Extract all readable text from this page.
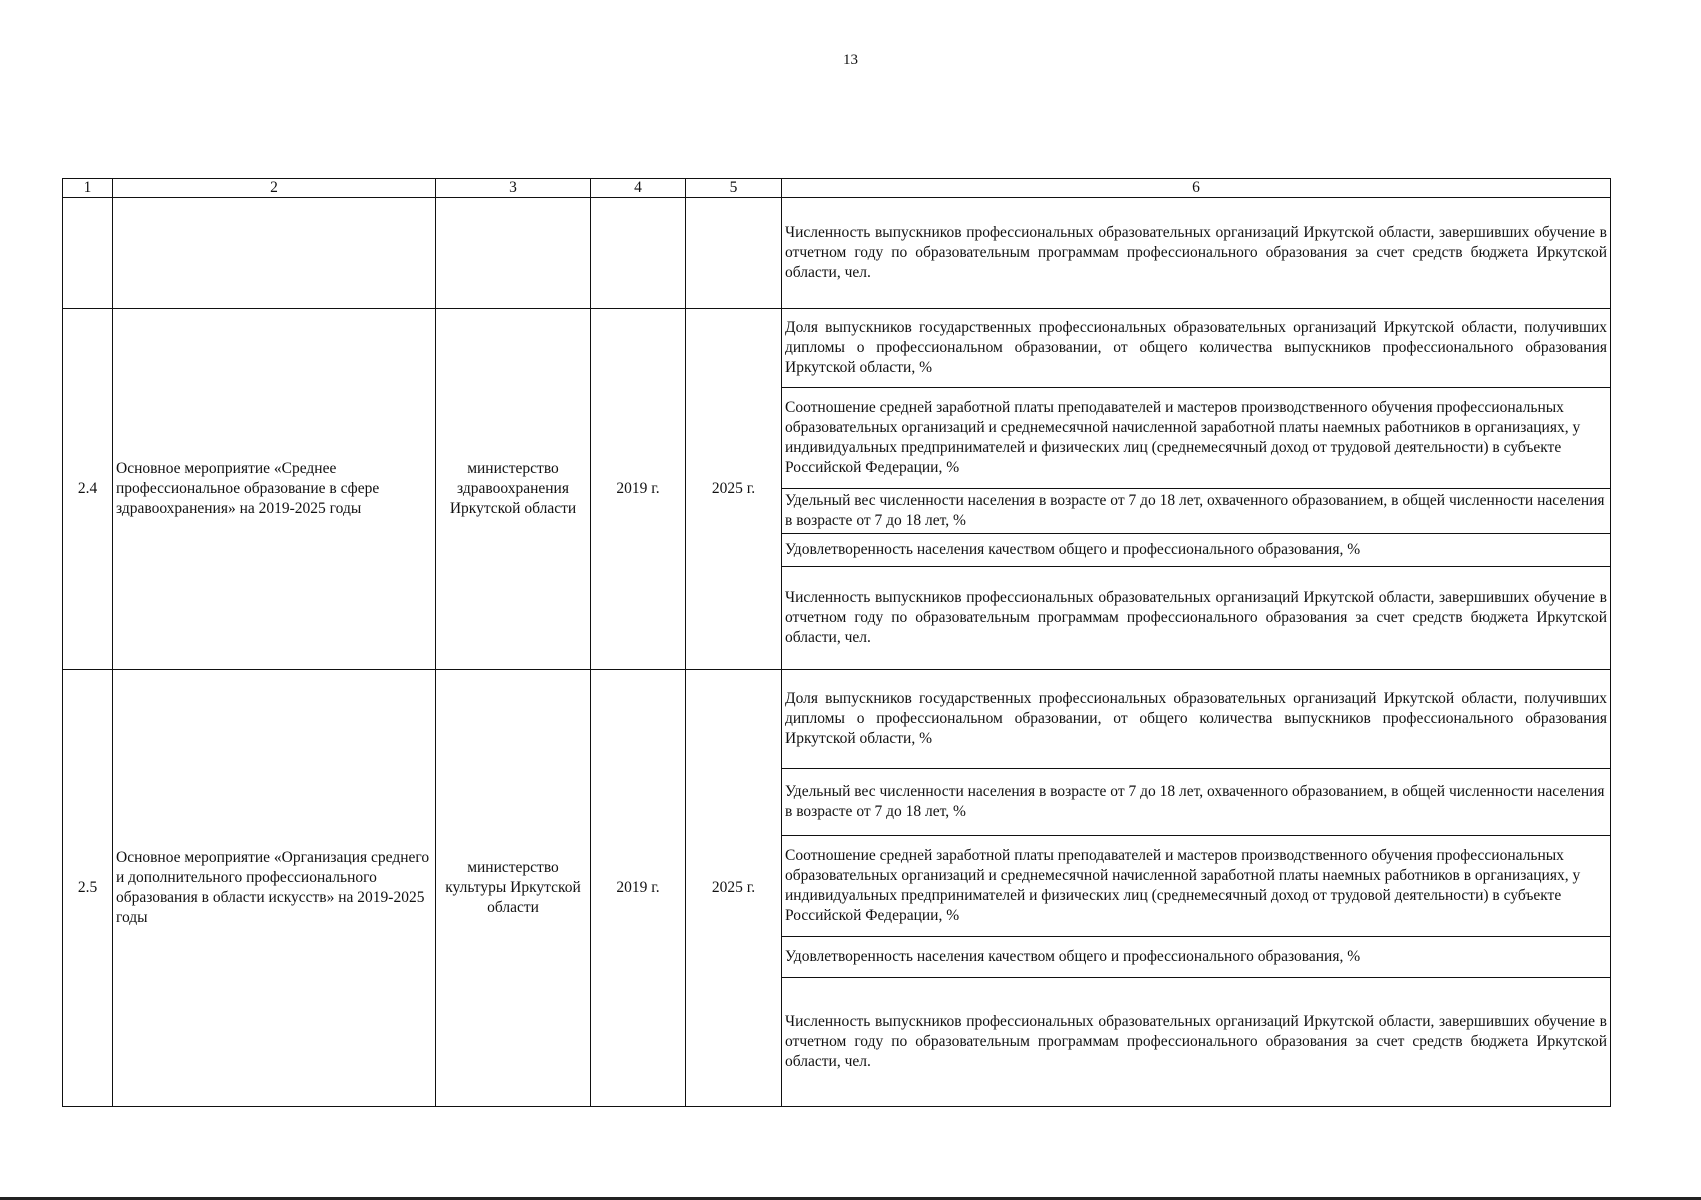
13
1	2	3	4	5	6
					Численность выпускников профессиональных образовательных организаций Иркутской области, завершивших обучение в отчетном году по образовательным программам профессионального образования за счет средств бюджета Иркутской области, чел.
2.4	Основное мероприятие «Среднее профессиональное образование в сфере здравоохранения» на 2019-2025 годы	министерство здравоохранения Иркутской области	2019 г.	2025 г.	Доля выпускников государственных профессиональных образовательных организаций Иркутской области, получивших дипломы о профессиональном образовании, от общего количества выпускников профессионального образования Иркутской области, %
					Соотношение средней заработной платы преподавателей и мастеров производственного обучения профессиональных образовательных организаций и среднемесячной начисленной заработной платы наемных работников в организациях, у индивидуальных предпринимателей и физических лиц (среднемесячный доход от трудовой деятельности) в субъекте Российской Федерации, %
					Удельный вес численности населения в возрасте от 7 до 18 лет, охваченного образованием, в общей численности населения в возрасте от 7 до 18 лет, %
					Удовлетворенность населения качеством общего и профессионального образования, %
					Численность выпускников профессиональных образовательных организаций Иркутской области, завершивших обучение в отчетном году по образовательным программам профессионального образования за счет средств бюджета Иркутской области, чел.
2.5	Основное мероприятие «Организация среднего и дополнительного профессионального образования в области искусств» на 2019-2025 годы	министерство культуры Иркутской области	2019 г.	2025 г.	Доля выпускников государственных профессиональных образовательных организаций Иркутской области, получивших дипломы о профессиональном образовании, от общего количества выпускников профессионального образования Иркутской области, %
					Удельный вес численности населения в возрасте от 7 до 18 лет, охваченного образованием, в общей численности населения в возрасте от 7 до 18 лет, %
					Соотношение средней заработной платы преподавателей и мастеров производственного обучения профессиональных образовательных организаций и среднемесячной начисленной заработной платы наемных работников в организациях, у индивидуальных предпринимателей и физических лиц (среднемесячный доход от трудовой деятельности) в субъекте Российской Федерации, %
					Удовлетворенность населения качеством общего и профессионального образования, %
					Численность выпускников профессиональных образовательных организаций Иркутской области, завершивших обучение в отчетном году по образовательным программам профессионального образования за счет средств бюджета Иркутской области, чел.
